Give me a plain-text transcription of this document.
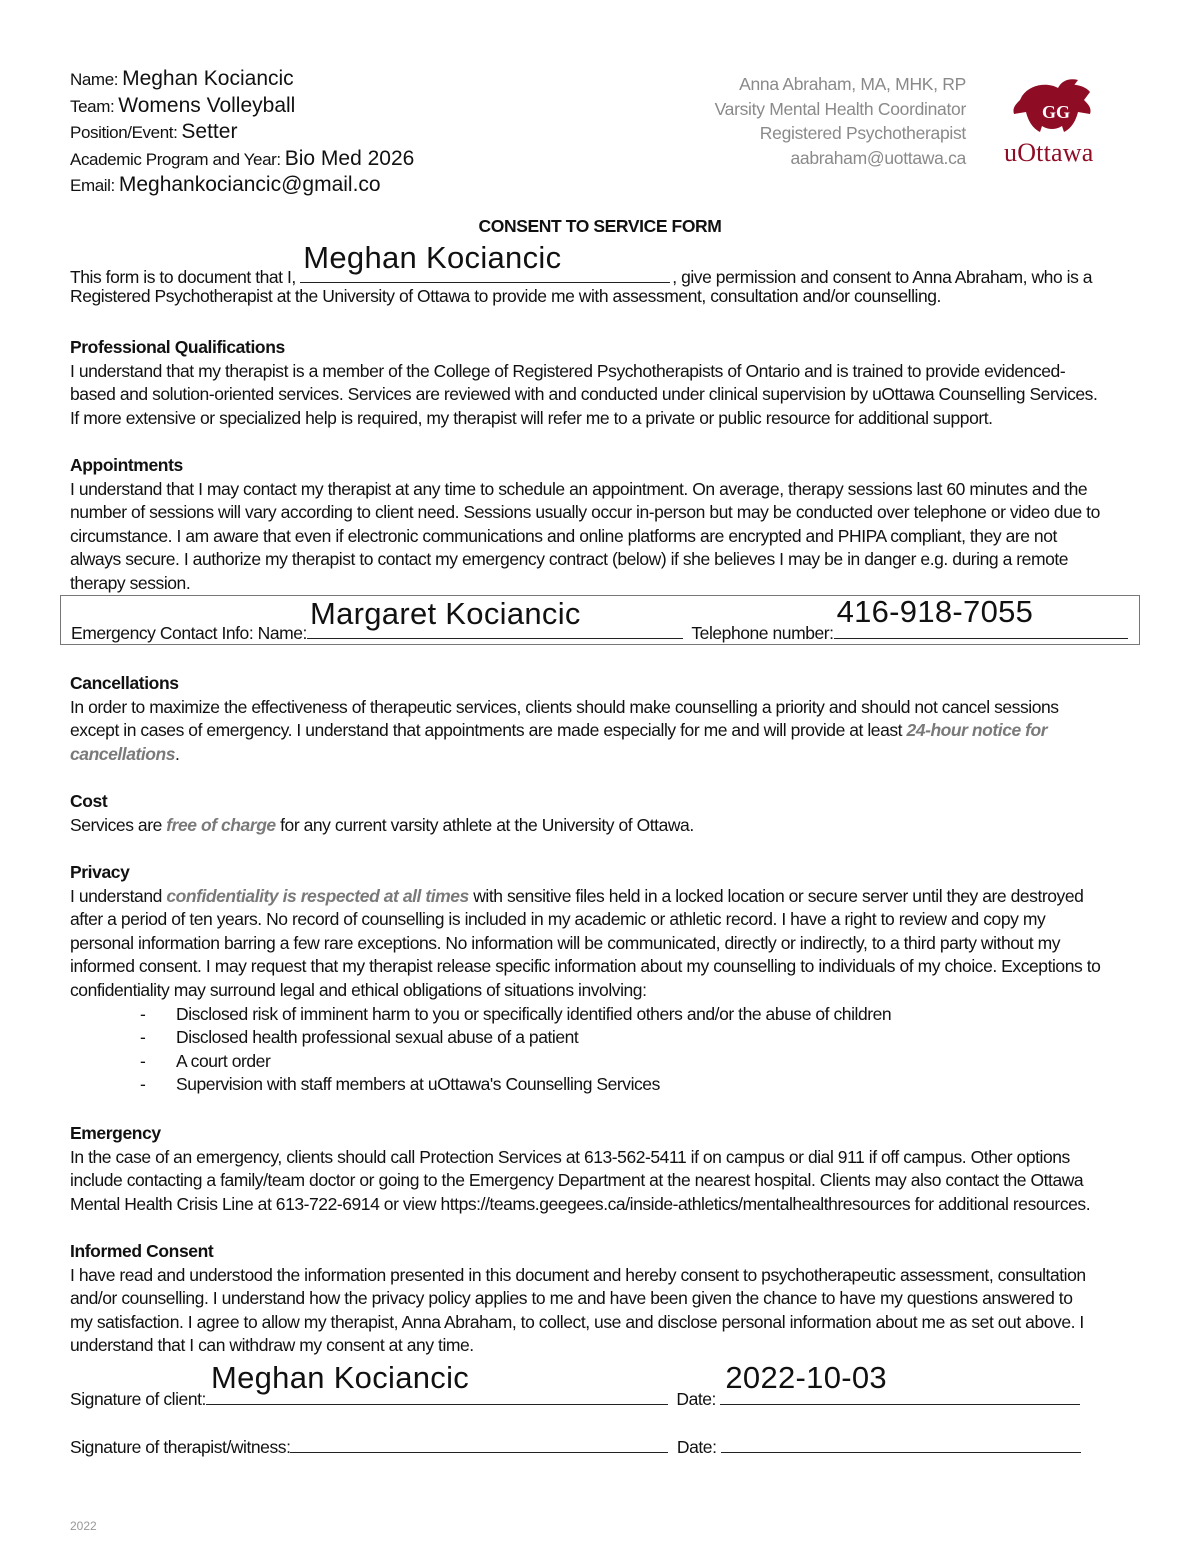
Name: Meghan Kociancic
Team: Womens Volleyball
Position/Event: Setter
Academic Program and Year: Bio Med 2026
Email: Meghankociancic@gmail.co
Anna Abraham, MA, MHK, RP
Varsity Mental Health Coordinator
Registered Psychotherapist
aabraham@uottawa.ca
GG
uOttawa
CONSENT TO SERVICE FORM
This form is to document that I,
Meghan Kociancic
, give permission and consent to Anna Abraham, who is a
Registered Psychotherapist at the University of Ottawa to provide me with assessment, consultation and/or counselling.
Professional Qualifications
I understand that my therapist is a member of the College of Registered Psychotherapists of Ontario and is trained to provide evidenced-
based and solution-oriented services. Services are reviewed with and conducted under clinical supervision by uOttawa Counselling Services.
If more extensive or specialized help is required, my therapist will refer me to a private or public resource for additional support.
Appointments
I understand that I may contact my therapist at any time to schedule an appointment. On average, therapy sessions last 60 minutes and the
number of sessions will vary according to client need. Sessions usually occur in-person but may be conducted over telephone or video due to
circumstance. I am aware that even if electronic communications and online platforms are encrypted and PHIPA compliant, they are not
always secure. I authorize my therapist to contact my emergency contract (below) if she believes I may be in danger e.g. during a remote
therapy session.
Emergency Contact Info: Name:
Margaret Kociancic
Telephone number:
416-918-7055
Cancellations
In order to maximize the effectiveness of therapeutic services, clients should make counselling a priority and should not cancel sessions
except in cases of emergency. I understand that appointments are made especially for me and will provide at least 24-hour notice for
cancellations.
Cost
Services are free of charge for any current varsity athlete at the University of Ottawa.
Privacy
I understand confidentiality is respected at all times with sensitive files held in a locked location or secure server until they are destroyed
after a period of ten years. No record of counselling is included in my academic or athletic record. I have a right to review and copy my
personal information barring a few rare exceptions. No information will be communicated, directly or indirectly, to a third party without my
informed consent. I may request that my therapist release specific information about my counselling to individuals of my choice. Exceptions to
confidentiality may surround legal and ethical obligations of situations involving:
- Disclosed risk of imminent harm to you or specifically identified others and/or the abuse of children
- Disclosed health professional sexual abuse of a patient
- A court order
- Supervision with staff members at uOttawa's Counselling Services
Emergency
In the case of an emergency, clients should call Protection Services at 613-562-5411 if on campus or dial 911 if off campus. Other options
include contacting a family/team doctor or going to the Emergency Department at the nearest hospital. Clients may also contact the Ottawa
Mental Health Crisis Line at 613-722-6914 or view https://teams.geegees.ca/inside-athletics/mentalhealthresources for additional resources.
Informed Consent
I have read and understood the information presented in this document and hereby consent to psychotherapeutic assessment, consultation
and/or counselling. I understand how the privacy policy applies to me and have been given the chance to have my questions answered to
my satisfaction. I agree to allow my therapist, Anna Abraham, to collect, use and disclose personal information about me as set out above. I
understand that I can withdraw my consent at any time.
Signature of client:
Meghan Kociancic
Date:
2022-10-03
Signature of therapist/witness:	Date:
2022
